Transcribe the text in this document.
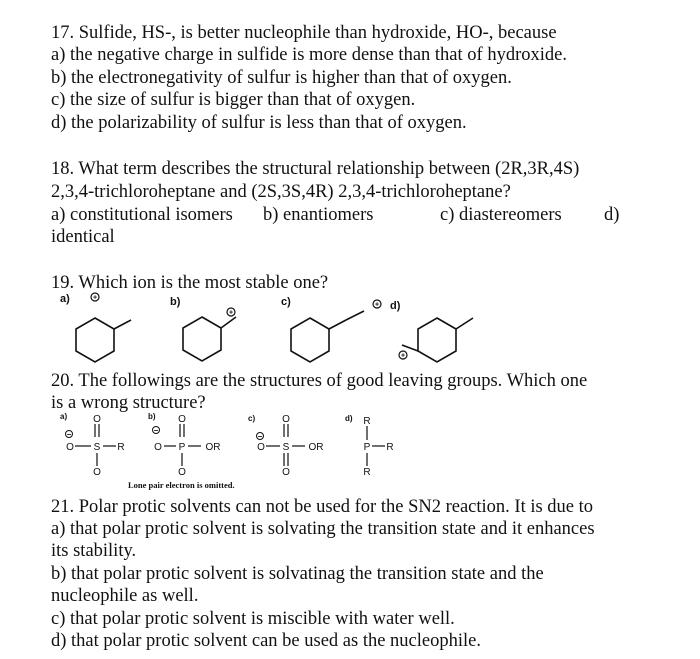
17. Sulfide, HS-, is better nucleophile than hydroxide, HO-, because
a) the negative charge in sulfide is more dense than that of hydroxide.
b) the electronegativity of sulfur is higher than that of oxygen.
c) the size of sulfur is bigger than that of oxygen.
d) the polarizability of sulfur is less than that of oxygen.
18. What term describes the structural relationship between (2R,3R,4S)
2,3,4-trichloroheptane and (2S,3S,4R) 2,3,4-trichloroheptane?
a) constitutional isomers b) enantiomers	c) diastereomers d)
identical
19. Which ion is the most stable one?
+
+
+
+
a)	b)	c)	d)
20. The followings are the structures of good leaving groups. Which one
is a wrong structure?
−	−
−
O
O S R
O
O
O P OR
O
O
O S OR
O
R
P R
R
a)	b)	c)	d)
Lone pair electron is omitted.
21. Polar protic solvents can not be used for the SN2 reaction. It is due to
a) that polar protic solvent is solvating the transition state and it enhances
its stability.
b) that polar protic solvent is solvatinag the transition state and the
nucleophile as well.
c) that polar protic solvent is miscible with water well.
d) that polar protic solvent can be used as the nucleophile.
